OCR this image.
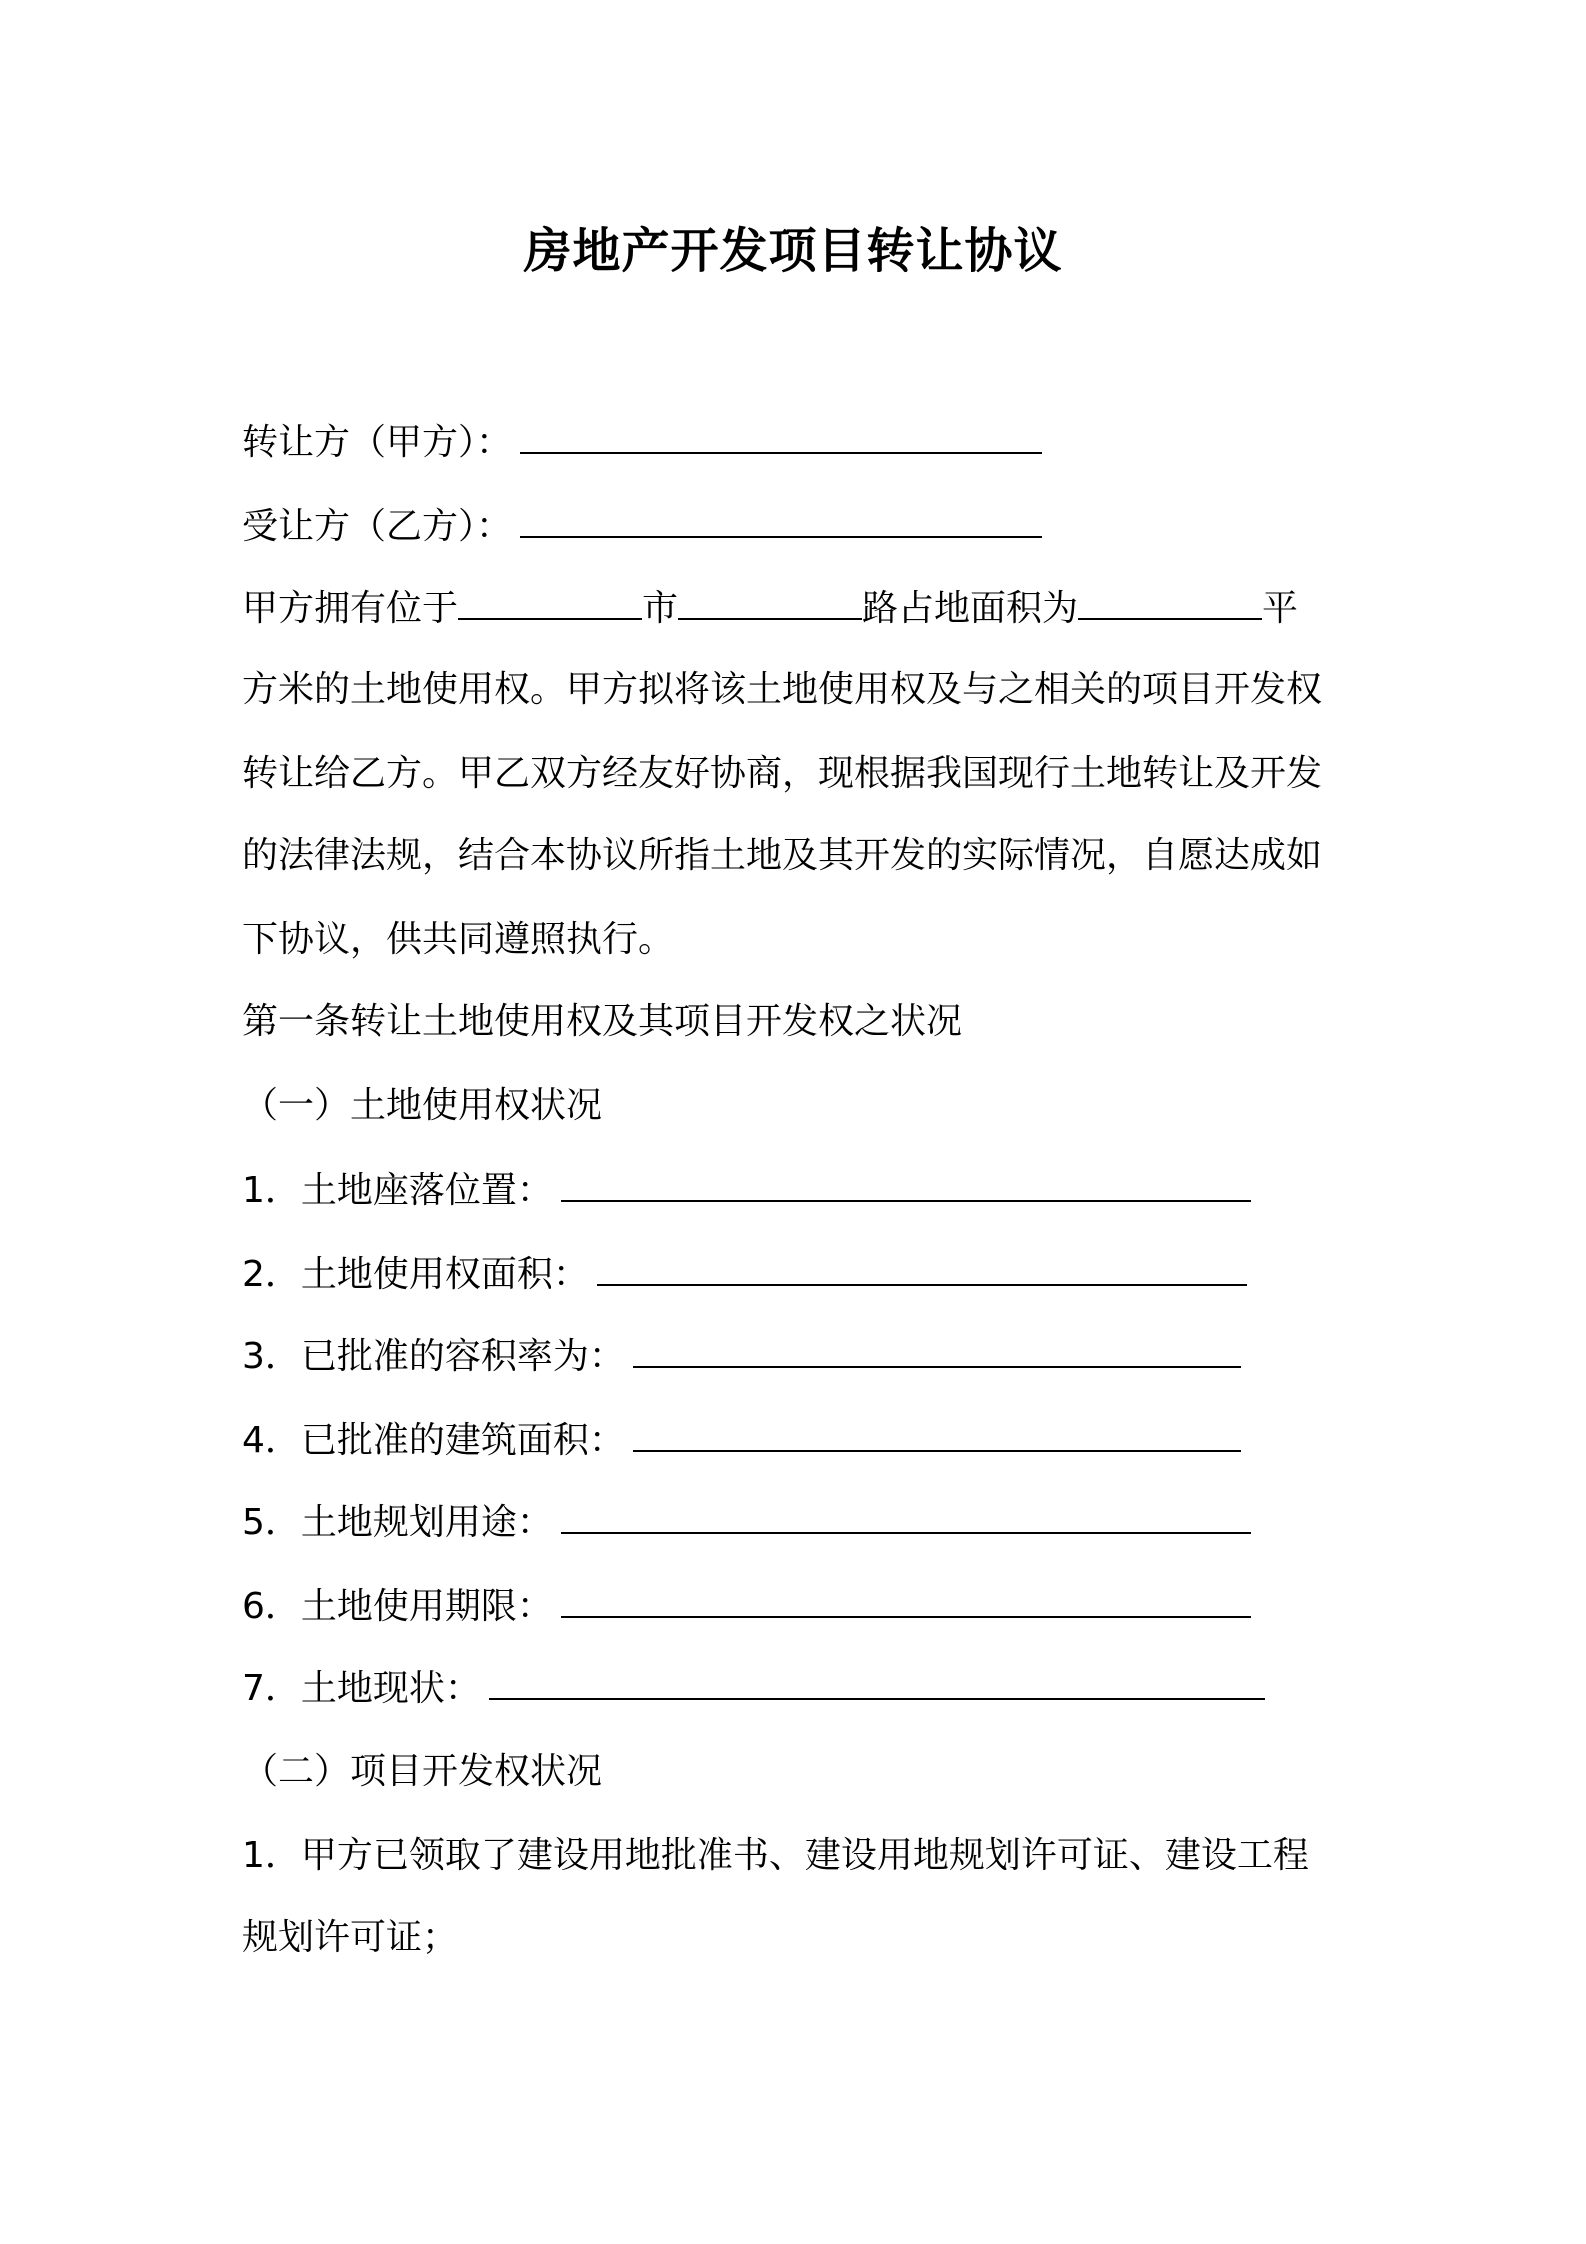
房地产开发项目转让协议
转让方（甲方）：
受让方（乙方）：
甲方拥有位于	市	路占地面积为	平
方米的土地使用权。甲方拟将该土地使用权及与之相关的项目开发权
转让给乙方。甲乙双方经友好协商，现根据我国现行土地转让及开发
的法律法规，结合本协议所指土地及其开发的实际情况，自愿达成如
下协议，供共同遵照执行。
第一条转让土地使用权及其项目开发权之状况
（一）土地使用权状况
1．土地座落位置：
2．土地使用权面积：
3．已批准的容积率为：
4．已批准的建筑面积：
5．土地规划用途：
6．土地使用期限：
7．土地现状：
（二）项目开发权状况
1．甲方已领取了建设用地批准书、建设用地规划许可证、建设工程
规划许可证；
